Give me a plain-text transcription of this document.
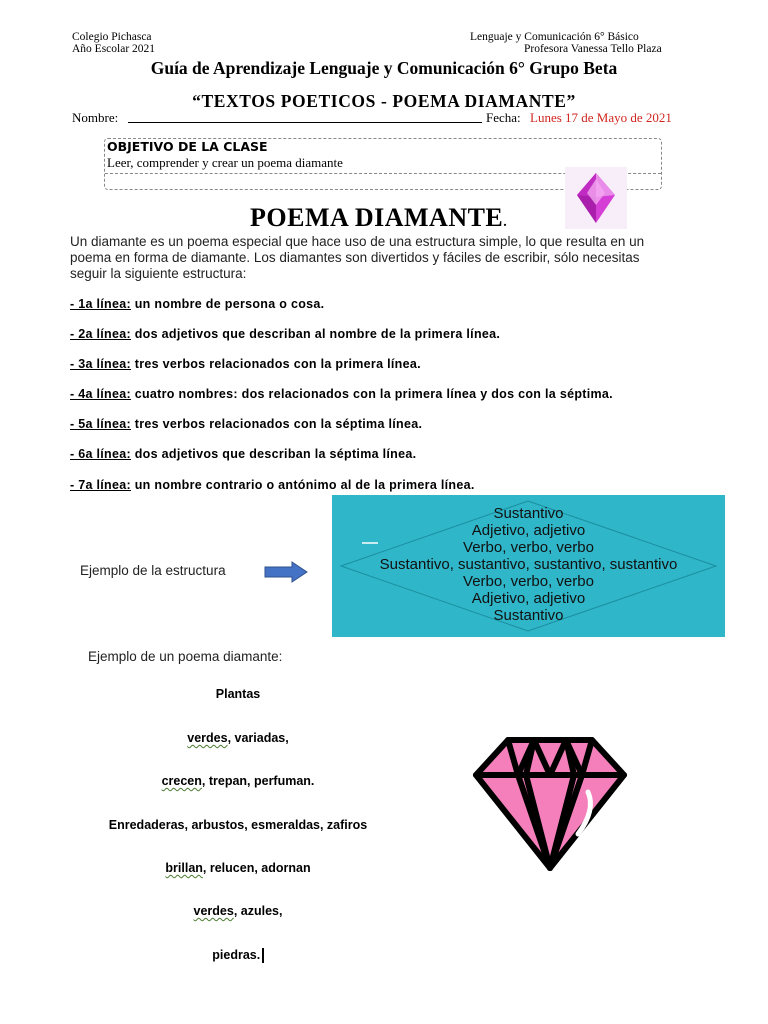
Colegio Pichasca
Año Escolar 2021
Lenguaje y Comunicación 6° Básico
Profesora Vanessa Tello Plaza
Guía de Aprendizaje Lenguaje y Comunicación 6° Grupo Beta
“TEXTOS POETICOS - POEMA DIAMANTE”
Nombre:	Fecha: Lunes 17 de Mayo de 2021
OBJETIVO DE LA CLASE
Leer, comprender y crear un poema diamante
POEMA DIAMANTE.
Un diamante es un poema especial que hace uso de una estructura simple, lo que resulta en un
poema en forma de diamante. Los diamantes son divertidos y fáciles de escribir, sólo necesitas
seguir la siguiente estructura:
- 1a línea: un nombre de persona o cosa.
- 2a línea: dos adjetivos que describan al nombre de la primera línea.
- 3a línea: tres verbos relacionados con la primera línea.
- 4a línea: cuatro nombres: dos relacionados con la primera línea y dos con la séptima.
- 5a línea: tres verbos relacionados con la séptima línea.
- 6a línea: dos adjetivos que describan la séptima línea.
- 7a línea: un nombre contrario o antónimo al de la primera línea.
Ejemplo de la estructura
Sustantivo
Adjetivo, adjetivo
Verbo, verbo, verbo
Sustantivo, sustantivo, sustantivo, sustantivo
Verbo, verbo, verbo
Adjetivo, adjetivo
Sustantivo
Ejemplo de un poema diamante:
Plantas
verdes, variadas,
crecen, trepan, perfuman.
Enredaderas, arbustos, esmeraldas, zafiros
brillan, relucen, adornan
verdes, azules,
piedras.
